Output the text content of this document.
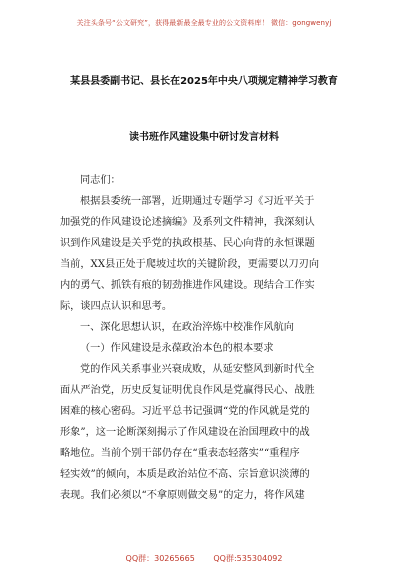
关注头条号“公文研究”，获得最新最全最专业的公文资料库！ 微信：gongwenyj
某县县委副书记、县长在2025年中央八项规定精神学习教育
读书班作风建设集中研讨发言材料
同志们：
根据县委统一部署，近期通过专题学习《习近平关于
加强党的作风建设论述摘编》及系列文件精神，我深刻认
识到作风建设是关乎党的执政根基、民心向背的永恒课题
当前，XX县正处于爬坡过坎的关键阶段，更需要以刀刃向
内的勇气、抓铁有痕的韧劲推进作风建设。现结合工作实
际，谈四点认识和思考。
一、深化思想认识，在政治淬炼中校准作风航向
（一）作风建设是永葆政治本色的根本要求
党的作风关系事业兴衰成败，从延安整风到新时代全
面从严治党，历史反复证明优良作风是党赢得民心、战胜
困难的核心密码。习近平总书记强调“党的作风就是党的
形象”，这一论断深刻揭示了作风建设在治国理政中的战
略地位。当前个别干部仍存在“重表态轻落实”“重程序
轻实效”的倾向，本质是政治站位不高、宗旨意识淡薄的
表现。我们必须以“不拿原则做交易”的定力，将作风建
QQ群：30265665 QQ群:535304092
